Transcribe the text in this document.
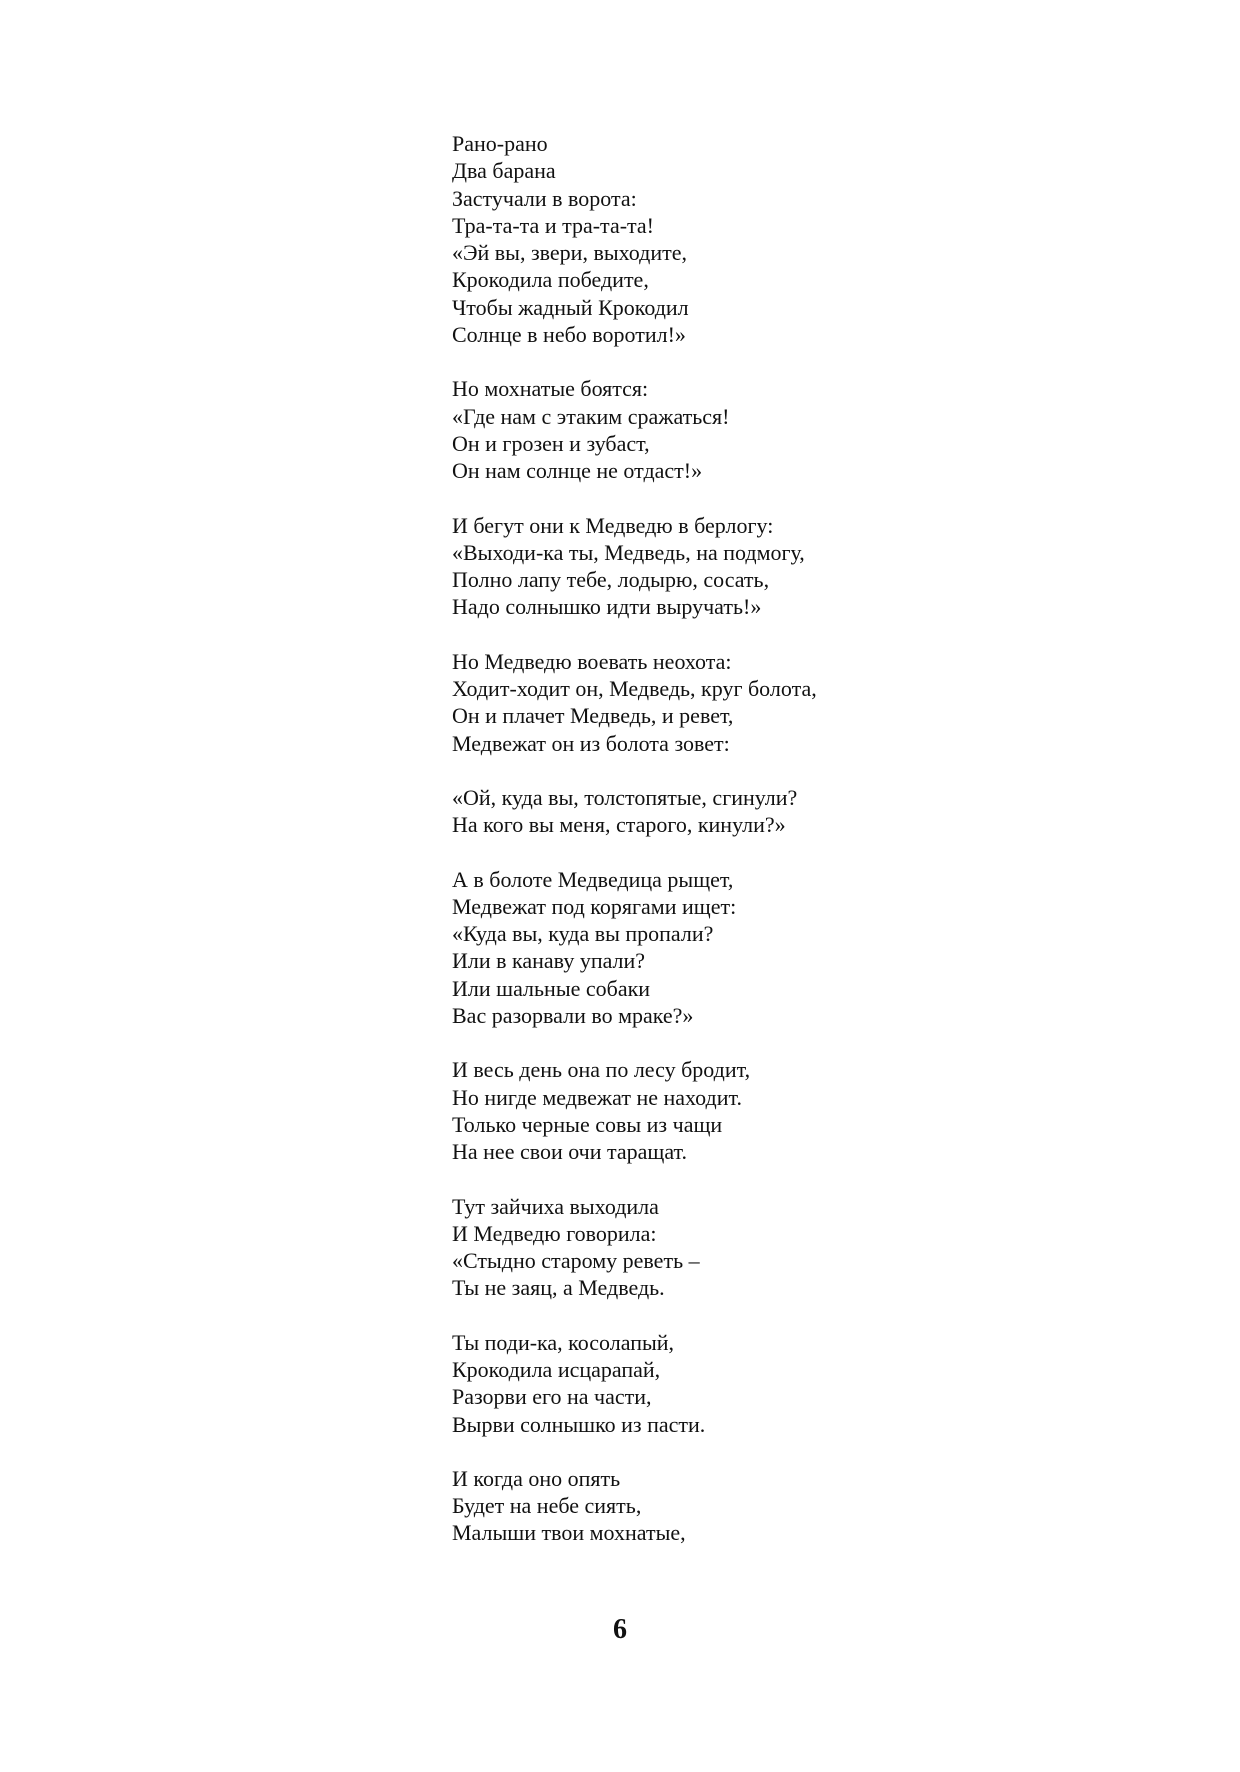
Рано-рано
Два барана
Застучали в ворота:
Тра-та-та и тра-та-та!
«Эй вы, звери, выходите,
Крокодила победите,
Чтобы жадный Крокодил
Солнце в небо воротил!»
Но мохнатые боятся:
«Где нам с этаким сражаться!
Он и грозен и зубаст,
Он нам солнце не отдаст!»
И бегут они к Медведю в берлогу:
«Выходи-ка ты, Медведь, на подмогу,
Полно лапу тебе, лодырю, сосать,
Надо солнышко идти выручать!»
Но Медведю воевать неохота:
Ходит-ходит он, Медведь, круг болота,
Он и плачет Медведь, и ревет,
Медвежат он из болота зовет:
«Ой, куда вы, толстопятые, сгинули?
На кого вы меня, старого, кинули?»
А в болоте Медведица рыщет,
Медвежат под корягами ищет:
«Куда вы, куда вы пропали?
Или в канаву упали?
Или шальные собаки
Вас разорвали во мраке?»
И весь день она по лесу бродит,
Но нигде медвежат не находит.
Только черные совы из чащи
На нее свои очи таращат.
Тут зайчиха выходила
И Медведю говорила:
«Стыдно старому реветь –
Ты не заяц, а Медведь.
Ты поди-ка, косолапый,
Крокодила исцарапай,
Разорви его на части,
Вырви солнышко из пасти.
И когда оно опять
Будет на небе сиять,
Малыши твои мохнатые,
6
